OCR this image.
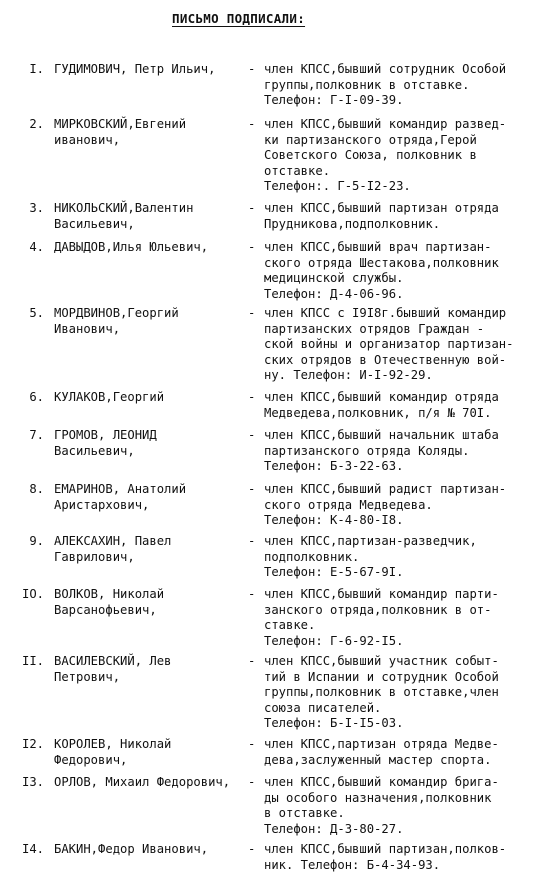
ПИСЬМО ПОДПИСАЛИ:
I. ГУДИМОВИЧ, Петр Ильич,	- член КПСС,бывший сотрудник Особой
группы,полковник в отставке.
Телефон: Г-I-09-39.
2. МИРКОВСКИЙ,Евгений
иванович,
- член КПСС,бывший командир развед-
ки партизанского отряда,Герой
Советского Союза, полковник в
отставке.
Телефон:. Г-5-I2-23.
3. НИКОЛЬСКИЙ,Валентин
Васильевич,
- член КПСС,бывший партизан отряда
Прудникова,подполковник.
4. ДАВЫДОВ,Илья Юльевич,	- член КПСС,бывший врач партизан-
ского отряда Шестакова,полковник
медицинской службы.
Телефон: Д-4-06-96.
5. МОРДВИНОВ,Георгий
Иванович,
- член КПСС с I9I8г.бывший командир
партизанских отрядов Граждан -
ской войны и организатор партизан-
ских отрядов в Отечественную вой-
ну. Телефон: И-I-92-29.
6. КУЛАКОВ,Георгий	- член КПСС,бывший командир отряда
Медведева,полковник, п/я № 70I.
7. ГРОМОВ, ЛЕОНИД
Васильевич,
- член КПСС,бывший начальник штаба
партизанского отряда Коляды.
Телефон: Б-3-22-63.
8. ЕМАРИНОВ, Анатолий
Аристархович,
- член КПСС,бывший радист партизан-
ского отряда Медведева.
Телефон: К-4-80-I8.
9. АЛЕКСАХИН, Павел
Гаврилович,
- член КПСС,партизан-разведчик,
подполковник.
Телефон: Е-5-67-9I.
IO. ВОЛКОВ, Николай
Варсанофьевич,
- член КПСС,бывший командир парти-
занского отряда,полковник в от-
ставке.
Телефон: Г-6-92-I5.
II. ВАСИЛЕВСКИЙ, Лев
Петрович,
- член КПСС,бывший участник событ-
тий в Испании и сотрудник Особой
группы,полковник в отставке,член
союза писателей.
Телефон: Б-I-I5-03.
I2. КОРОЛЕВ, Николай
Федорович,
- член КПСС,партизан отряда Медве-
дева,заслуженный мастер спорта.
I3. ОРЛОВ, Михаил Федорович,	- член КПСС,бывший командир брига-
ды особого назначения,полковник
в отставке.
Телефон: Д-3-80-27.
I4. БАКИН,Федор Иванович,	- член КПСС,бывший партизан,полков-
ник. Телефон: Б-4-34-93.
